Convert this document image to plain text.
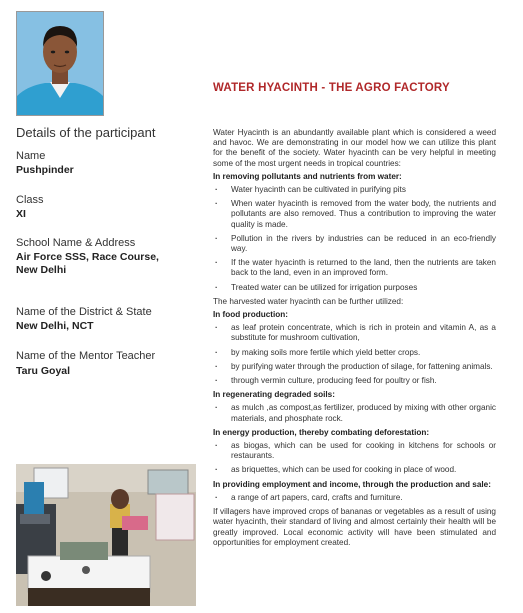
Details of the participant
Name
Pushpinder
Class
XI
School Name & Address
Air Force SSS, Race Course,
New Delhi
Name of the District & State
New Delhi, NCT
Name of the Mentor Teacher
Taru Goyal
WATER HYACINTH - THE AGRO FACTORY

Water Hyacinth is an abundantly available plant which is considered a weed and havoc. We are demonstrating in our model how we can utilize this plant for the benefit of the society. Water hyacinth can be very helpful in meeting some of the most urgent needs in tropical countries:

In removing pollutants and nutrients from water:
· Water hyacinth can be cultivated in purifying pits
· When water hyacinth is removed from the water body, the nutrients and pollutants are also removed. Thus a contribution to improving the water quality is made.
· Pollution in the rivers by industries can be reduced in an eco-friendly way.
· If the water hyacinth is returned to the land, then the nutrients are taken back to the land, even in an improved form.
· Treated water can be utilized for irrigation purposes

The harvested water hyacinth can be further utilized:

In food production:
· as leaf protein concentrate, which is rich in protein and vitamin A, as a substitute for mushroom cultivation,
· by making soils more fertile which yield better crops.
· by purifying water through the production of silage, for fattening animals.
· through vermin culture, producing feed for poultry or fish.
In regenerating degraded soils:
· as mulch ,as compost,as fertilizer, produced by mixing with other organic materials, and phosphate rock.
In energy production, thereby combating deforestation:
· as biogas, which can be used for cooking in kitchens for schools or restaurants.
· as briquettes, which can be used for cooking in place of wood.
In providing employment and income, through the production and sale:
· a range of art papers, card, crafts and furniture.

If villagers have improved crops of bananas or vegetables as a result of using water hyacinth, their standard of living and almost certainly their health will be greatly improved. Local economic activity will have been stimulated and opportunities for employment created.
